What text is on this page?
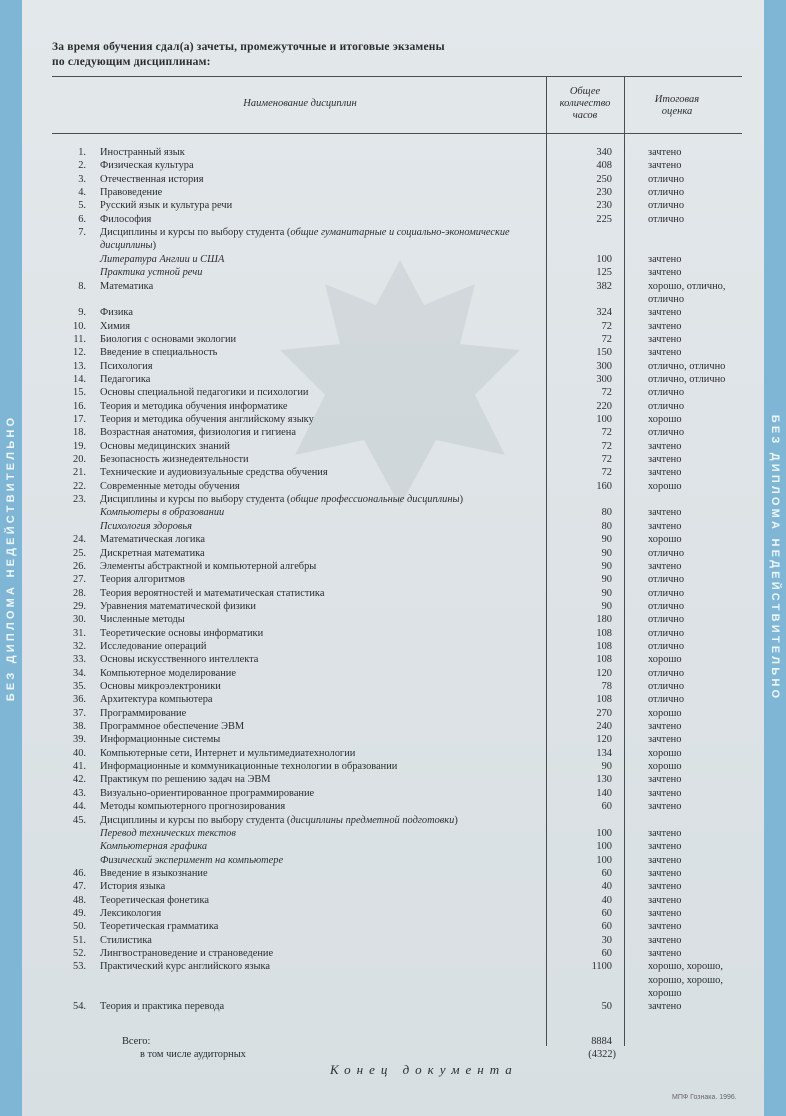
БЕЗ ДИПЛОМА НЕДЕЙСТВИТЕЛЬНО	БЕЗ ДИПЛОМА НЕДЕЙСТВИТЕЛЬНО
За время обучения сдал(а) зачеты, промежуточные и итоговые экзамены
по следующим дисциплинам:
Наименование дисциплин
Общее количество часов
Итоговая оценка
1. Иностранный язык	340	зачтено
2. Физическая культура	408	зачтено
3. Отечественная история	250	отлично
4. Правоведение	230	отлично
5. Русский язык и культура речи	230	отлично
6. Философия	225	отлично
7. Дисциплины и курсы по выбору студента (общие гуманитарные и социально-экономические
дисциплины)
Литература Англии и США	100	зачтено
Практика устной речи	125	зачтено
8. Математика	382	хорошо, отлично,
отлично
9. Физика	324	зачтено
10. Химия	72	зачтено
11. Биология с основами экологии	72	зачтено
12. Введение в специальность	150	зачтено
13. Психология	300	отлично, отлично
14. Педагогика	300	отлично, отлично
15. Основы специальной педагогики и психологии	72	отлично
16. Теория и методика обучения информатике	220	отлично
17. Теория и методика обучения английскому языку	100	хорошо
18. Возрастная анатомия, физиология и гигиена	72	отлично
19. Основы медицинских знаний	72	зачтено
20. Безопасность жизнедеятельности	72	зачтено
21. Технические и аудиовизуальные средства обучения	72	зачтено
22. Современные методы обучения	160	хорошо
23. Дисциплины и курсы по выбору студента (общие профессиональные дисциплины)
Компьютеры в образовании	80	зачтено
Психология здоровья	80	зачтено
24. Математическая логика	90	хорошо
25. Дискретная математика	90	отлично
26. Элементы абстрактной и компьютерной алгебры	90	зачтено
27. Теория алгоритмов	90	отлично
28. Теория вероятностей и математическая статистика	90	отлично
29. Уравнения математической физики	90	отлично
30. Численные методы	180	отлично
31. Теоретические основы информатики	108	отлично
32. Исследование операций	108	отлично
33. Основы искусственного интеллекта	108	хорошо
34. Компьютерное моделирование	120	отлично
35. Основы микроэлектроники	78	отлично
36. Архитектура компьютера	108	отлично
37. Программирование	270	хорошо
38. Программное обеспечение ЭВМ	240	зачтено
39. Информационные системы	120	зачтено
40. Компьютерные сети, Интернет и мультимедиатехнологии	134	хорошо
41. Информационные и коммуникационные технологии в образовании	90	хорошо
42. Практикум по решению задач на ЭВМ	130	зачтено
43. Визуально-ориентированное программирование	140	зачтено
44. Методы компьютерного прогнозирования	60	зачтено
45. Дисциплины и курсы по выбору студента (дисциплины предметной подготовки)
Перевод технических текстов	100	зачтено
Компьютерная графика	100	зачтено
Физический эксперимент на компьютере	100	зачтено
46. Введение в языкознание	60	зачтено
47. История языка	40	зачтено
48. Теоретическая фонетика	40	зачтено
49. Лексикология	60	зачтено
50. Теоретическая грамматика	60	зачтено
51. Стилистика	30	зачтено
52. Лингвострановедение и страноведение	60	зачтено
53. Практический курс английского языка	1100	хорошо, хорошо,
хорошо, хорошо,
хорошо
54. Теория и практика перевода	50	зачтено
Всего:	8884
в том числе аудиторных	(4322)
Конец документа
МПФ Гознака. 1996.
